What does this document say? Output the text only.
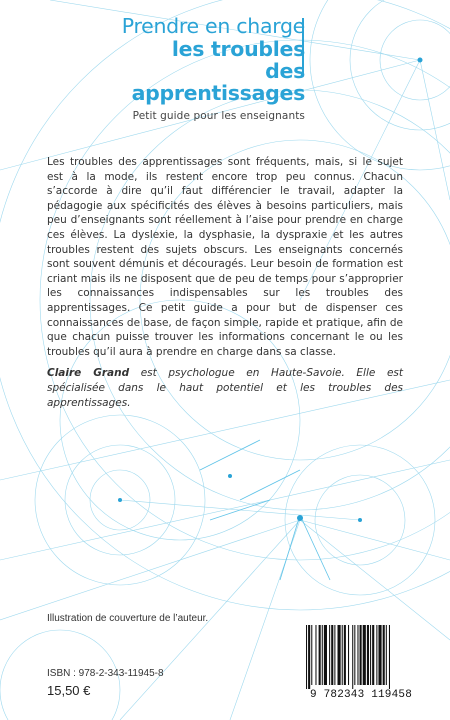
Prendre en charge
les troubles
des apprentissages
Petit guide pour les enseignants

Les troubles des apprentissages sont fréquents, mais, si le sujet est à la mode, ils restent encore trop peu connus. Chacun s’accorde à dire qu’il faut différencier le travail, adapter la pédagogie aux spécificités des élèves à besoins particuliers, mais peu d’enseignants sont réellement à l’aise pour prendre en charge ces élèves. La dyslexie, la dysphasie, la dyspraxie et les autres troubles restent des sujets obscurs. Les enseignants concernés sont souvent démunis et découragés. Leur besoin de formation est criant mais ils ne disposent que de peu de temps pour s’approprier les connaissances indispensables sur les troubles des apprentissages. Ce petit guide a pour but de dispenser ces connaissances de base, de façon simple, rapide et pratique, afin de que chacun puisse trouver les informations concernant le ou les troubles qu’il aura à prendre en charge dans sa classe.

Claire Grand est psychologue en Haute-Savoie. Elle est spécialisée dans le haut potentiel et les troubles des apprentissages.

Illustration de couverture de l’auteur.
ISBN : 978-2-343-11945-8
15,50 €	9 782343 119458
